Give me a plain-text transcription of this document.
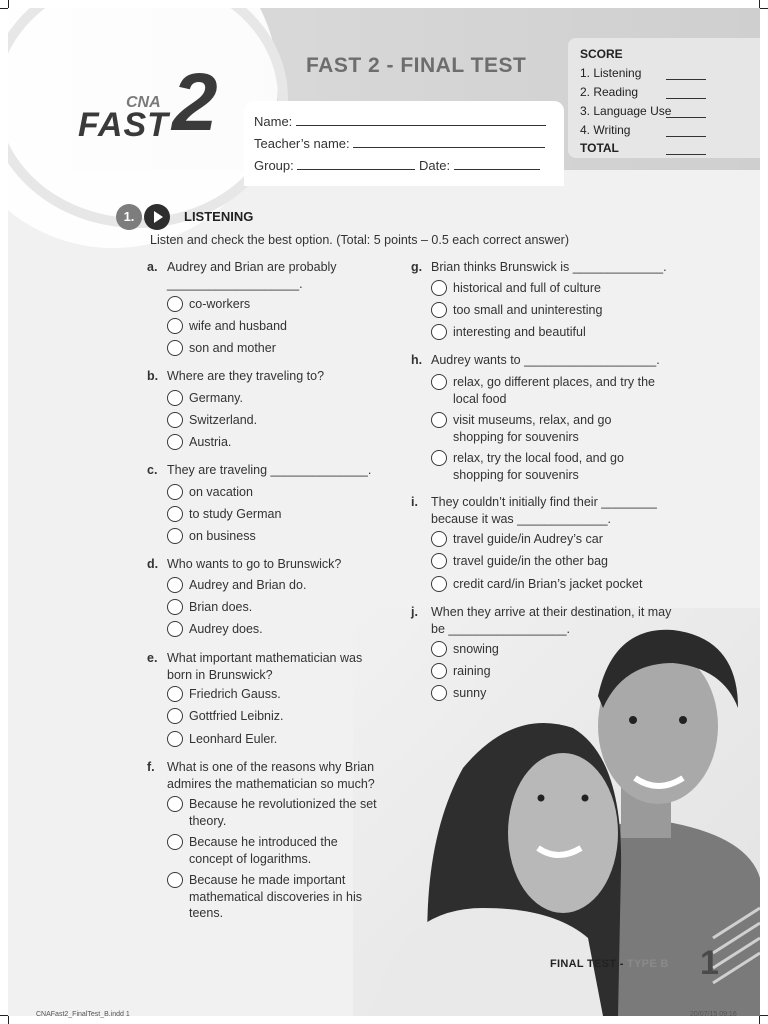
CNA
FAST 2	FAST 2 - FINAL TEST	SCORE
1. Listening
2. Reading
3. Language Use
4. Writing
TOTAL
Name:
Teacher’s name:
Group:	Date:
1.	LISTENING
Listen and check the best option. (Total: 5 points – 0.5 each correct answer)
a. Audrey and Brian are probably ___________________.
co-workers
wife and husband
son and mother
b. Where are they traveling to?
Germany.
Switzerland.
Austria.
c. They are traveling ______________.
on vacation
to study German
on business
d. Who wants to go to Brunswick?
Audrey and Brian do.
Brian does.
Audrey does.
e. What important mathematician was born in Brunswick?
Friedrich Gauss.
Gottfried Leibniz.
Leonhard Euler.
f. What is one of the reasons why Brian admires the mathematician so much?
Because he revolutionized the set theory.
Because he introduced the concept of logarithms.
Because he made important mathematical discoveries in his teens.
g. Brian thinks Brunswick is _____________.
historical and full of culture
too small and uninteresting
interesting and beautiful
h. Audrey wants to ___________________.
relax, go different places, and try the local food
visit museums, relax, and go shopping for souvenirs
relax, try the local food, and go shopping for souvenirs
i. They couldn’t initially find their ________ because it was _____________.
travel guide/in Audrey’s car
travel guide/in the other bag
credit card/in Brian’s jacket pocket
j. When they arrive at their destination, it may be _________________.
snowing
raining
sunny
FINAL TEST - TYPE B 1
CNAFast2_FinalTest_B.indd 1	20/07/15 09:16
